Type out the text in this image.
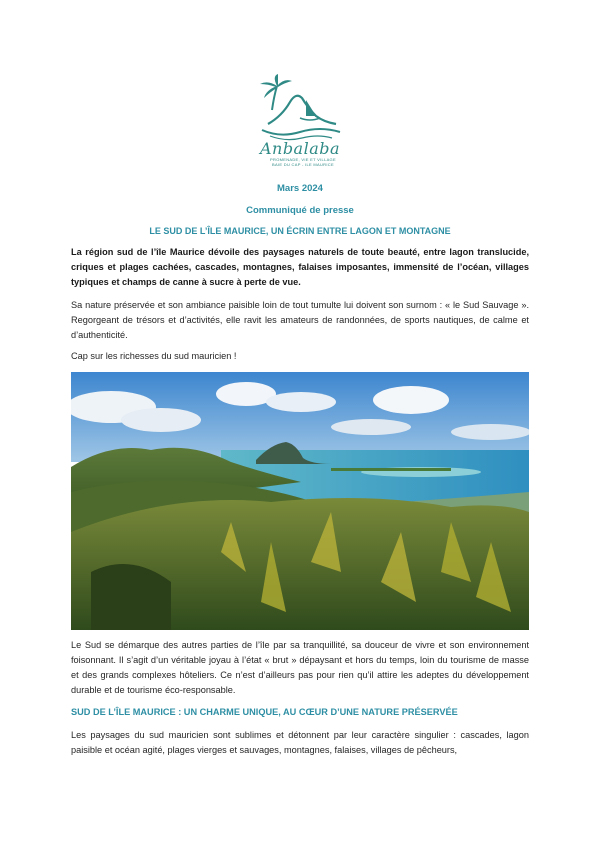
Anbalaba
PROMENADE, VIE ET VILLAGE
BAIE DU CAP - ILE MAURICE
Mars 2024
Communiqué de presse
LE SUD DE L’ÎLE MAURICE, UN ÉCRIN ENTRE LAGON ET MONTAGNE

La région sud de l’île Maurice dévoile des paysages naturels de toute beauté, entre lagon translucide, criques et plages cachées, cascades, montagnes, falaises imposantes, immensité de l’océan, villages typiques et champs de canne à sucre à perte de vue.

Sa nature préservée et son ambiance paisible loin de tout tumulte lui doivent son surnom : « le Sud Sauvage ». Regorgeant de trésors et d’activités, elle ravit les amateurs de randonnées, de sports nautiques, de calme et d’authenticité.

Cap sur les richesses du sud mauricien !

Le Sud se démarque des autres parties de l’île par sa tranquillité, sa douceur de vivre et son environnement foisonnant. Il s’agit d’un véritable joyau à l’état « brut » dépaysant et hors du temps, loin du tourisme de masse et des grands complexes hôteliers. Ce n’est d’ailleurs pas pour rien qu’il attire les adeptes du développement durable et de tourisme éco-responsable.

SUD DE L’ÎLE MAURICE : UN CHARME UNIQUE, AU CŒUR D’UNE NATURE PRÉSERVÉE

Les paysages du sud mauricien sont sublimes et détonnent par leur caractère singulier : cascades, lagon paisible et océan agité, plages vierges et sauvages, montagnes, falaises, villages de pêcheurs,
